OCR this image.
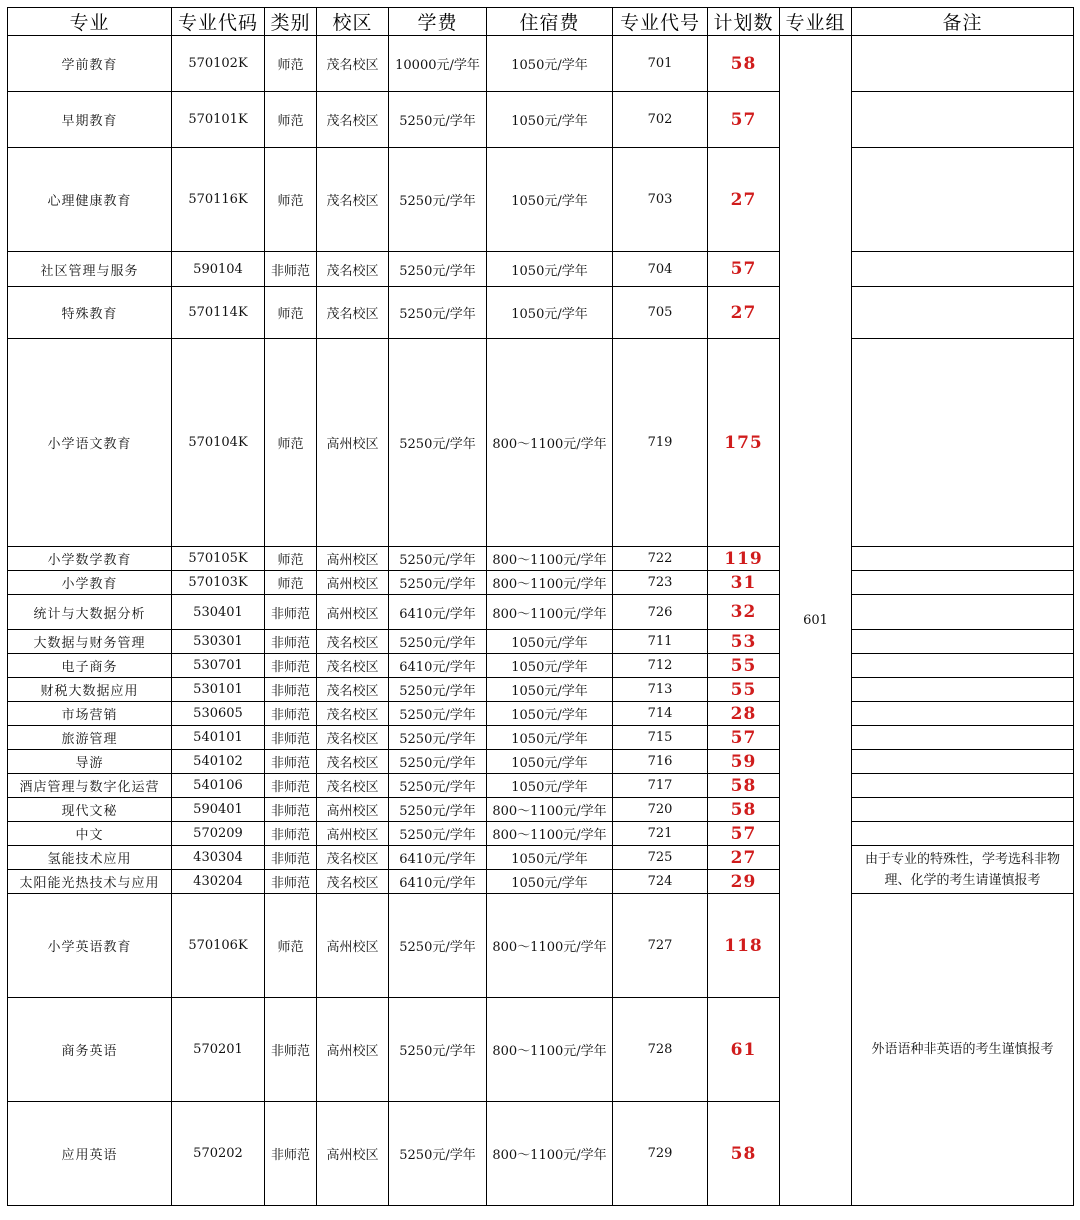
专业	专业代码	类别	校区	学费	住宿费	专业代号	计划数	专业组	备注
学前教育	570102K	师范	茂名校区	10000元/学年	1050元/学年	701	58	601	
早期教育	570101K	师范	茂名校区	5250元/学年	1050元/学年	702	57		
心理健康教育	570116K	师范	茂名校区	5250元/学年	1050元/学年	703	27		
社区管理与服务	590104	非师范	茂名校区	5250元/学年	1050元/学年	704	57		
特殊教育	570114K	师范	茂名校区	5250元/学年	1050元/学年	705	27		
小学语文教育	570104K	师范	高州校区	5250元/学年	800～1100元/学年	719	175		
小学数学教育	570105K	师范	高州校区	5250元/学年	800～1100元/学年	722	119		
小学教育	570103K	师范	高州校区	5250元/学年	800～1100元/学年	723	31		
统计与大数据分析	530401	非师范	高州校区	6410元/学年	800～1100元/学年	726	32		
大数据与财务管理	530301	非师范	茂名校区	5250元/学年	1050元/学年	711	53		
电子商务	530701	非师范	茂名校区	6410元/学年	1050元/学年	712	55		
财税大数据应用	530101	非师范	茂名校区	5250元/学年	1050元/学年	713	55		
市场营销	530605	非师范	茂名校区	5250元/学年	1050元/学年	714	28		
旅游管理	540101	非师范	茂名校区	5250元/学年	1050元/学年	715	57		
导游	540102	非师范	茂名校区	5250元/学年	1050元/学年	716	59		
酒店管理与数字化运营	540106	非师范	茂名校区	5250元/学年	1050元/学年	717	58		
现代文秘	590401	非师范	高州校区	5250元/学年	800～1100元/学年	720	58		
中文	570209	非师范	高州校区	5250元/学年	800～1100元/学年	721	57		
氢能技术应用	430304	非师范	茂名校区	6410元/学年	1050元/学年	725	27		由于专业的特殊性，学考选科非物理、化学的考生请谨慎报考
太阳能光热技术与应用	430204	非师范	茂名校区	6410元/学年	1050元/学年	724	29		
小学英语教育	570106K	师范	高州校区	5250元/学年	800～1100元/学年	727	118		外语语种非英语的考生谨慎报考
商务英语	570201	非师范	高州校区	5250元/学年	800～1100元/学年	728	61		
应用英语	570202	非师范	高州校区	5250元/学年	800～1100元/学年	729	58		
